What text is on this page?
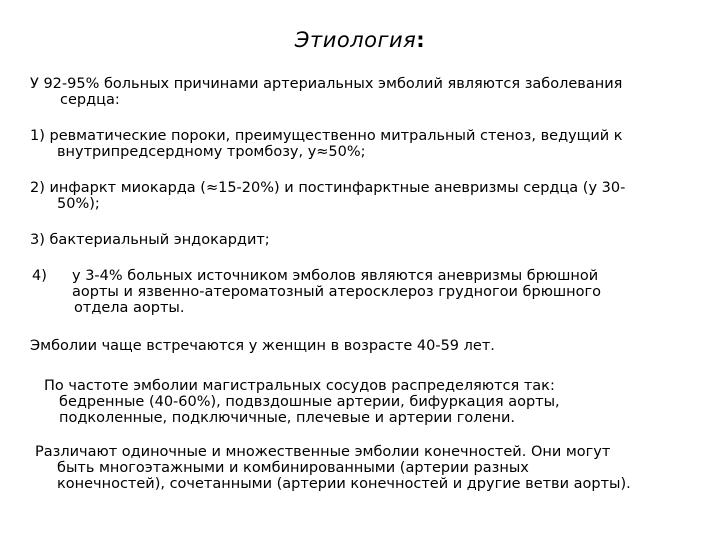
Этиология:
У 92-95% больных причинами артериальных эмболий являются заболевания
сердца:
1) ревматические пороки, преимущественно митральный стеноз, ведущий к
внутрипредсердному тромбозу, у≈50%;
2) инфаркт миокарда (≈15-20%) и постинфарктные аневризмы сердца (у 30-
50%);
3) бактериальный эндокардит;
4) у 3-4% больных источником эмболов являются аневризмы брюшной
аорты и язвенно-атероматозный атеросклероз грудногои брюшного
отдела аорты.
Эмболии чаще встречаются у женщин в возрасте 40-59 лет.
По частоте эмболии магистральных сосудов распределяются так:
бедренные (40-60%), подвздошные артерии, бифуркация аорты,
подколенные, подключичные, плечевые и артерии голени.
Различают одиночные и множественные эмболии конечностей. Они могут
быть многоэтажными и комбинированными (артерии разных
конечностей), сочетанными (артерии конечностей и другие ветви аорты).
